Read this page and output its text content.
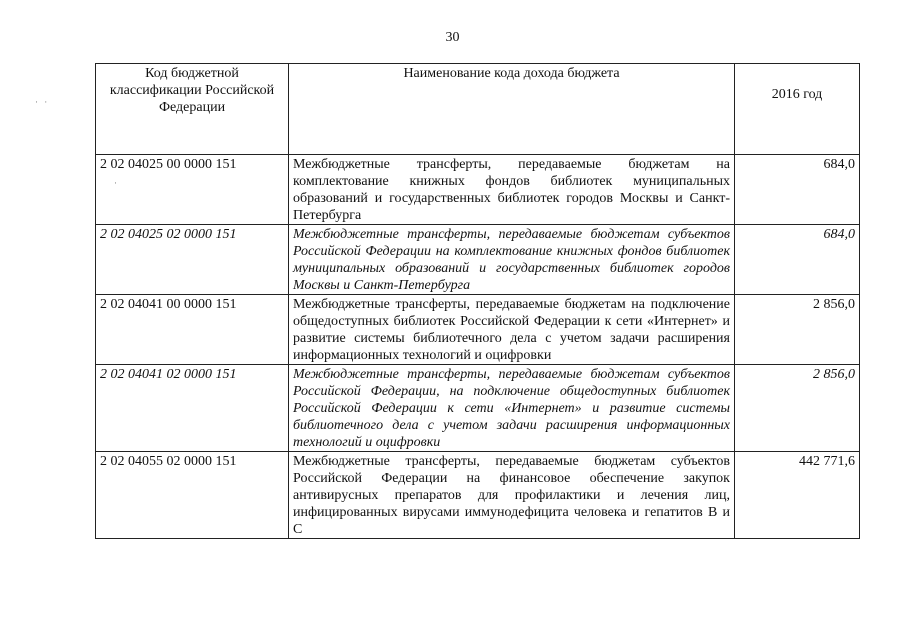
30
· ·
·
Код бюджетной классификации Российской Федерации	Наименование кода дохода бюджета	2016 год
2 02 04025 00 0000 151	Межбюджетные трансферты, передаваемые бюджетам на комплектование книжных фондов библиотек муниципальных образований и государственных библиотек городов Москвы и Санкт-Петербурга	684,0
2 02 04025 02 0000 151	Межбюджетные трансферты, передаваемые бюджетам субъектов Российской Федерации на комплектование книжных фондов библиотек муниципальных образований и государственных библиотек городов Москвы и Санкт-Петербурга	684,0
2 02 04041 00 0000 151	Межбюджетные трансферты, передаваемые бюджетам на подключение общедоступных библиотек Российской Федерации к сети «Интернет» и развитие системы библиотечного дела с учетом задачи расширения информационных технологий и оцифровки	2 856,0
2 02 04041 02 0000 151	Межбюджетные трансферты, передаваемые бюджетам субъектов Российской Федерации, на подключение общедоступных библиотек Российской Федерации к сети «Интернет» и развитие системы библиотечного дела с учетом задачи расширения информационных технологий и оцифровки	2 856,0
2 02 04055 02 0000 151	Межбюджетные трансферты, передаваемые бюджетам субъектов Российской Федерации на финансовое обеспечение закупок антивирусных препаратов для профилактики и лечения лиц, инфицированных вирусами иммунодефицита человека и гепатитов В и С	442 771,6
